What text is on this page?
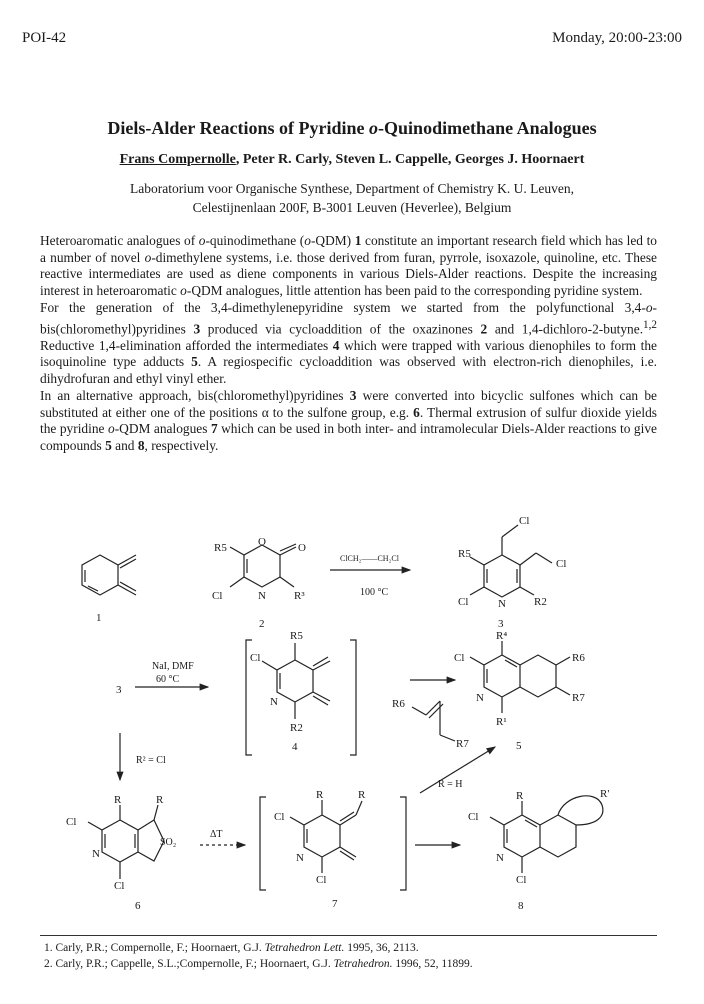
POI-42	Monday, 20:00-23:00
Diels-Alder Reactions of Pyridine o-Quinodimethane Analogues
Frans Compernolle, Peter R. Carly, Steven L. Cappelle, Georges J. Hoornaert
Laboratorium voor Organische Synthese, Department of Chemistry K. U. Leuven,
Celestijnenlaan 200F, B-3001 Leuven (Heverlee), Belgium

Heteroaromatic analogues of o-quinodimethane (o-QDM) 1 constitute an important research field which has led to a number of novel o-dimethylene systems, i.e. those derived from furan, pyrrole, isoxazole, quinoline, etc. These reactive intermediates are used as diene components in various Diels-Alder reactions. Despite the increasing interest in heteroaromatic o-QDM analogues, little attention has been paid to the corresponding pyridine system.

For the generation of the 3,4-dimethylenepyridine system we started from the polyfunctional 3,4-o-bis(chloromethyl)pyridines 3 produced via cycloaddition of the oxazinones 2 and 1,4-dichloro-2-butyne.$^{1,2}$ Reductive 1,4-elimination afforded the intermediates 4 which were trapped with various dienophiles to form the isoquinoline type adducts 5. A regiospecific cycloaddition was observed with electron-rich dienophiles, i.e. dihydrofuran and ethyl vinyl ether.

In an alternative approach, bis(chloromethyl)pyridines 3 were converted into bicyclic sulfones which can be substituted at either one of the positions α to the sulfone group, e.g. 6. Thermal extrusion of sulfur dioxide yields the pyridine o-QDM analogues 7 which can be used in both inter- and intramolecular Diels-Alder reactions to give compounds 5 and 8, respectively.

1
O	O
R5
Cl	N	R³
2
ClCH₂——CH₂Cl
100 °C
Cl
Cl
R5
Cl	N	R2
3
3
NaI, DMF
60 °C
R5
Cl
N
R2
4
R6
R7
R⁴
Cl
N
R¹
R6
R7
5
R² = Cl
R	R
Cl
SO₂
N
Cl
6
ΔT
R	R
Cl
N
Cl
7
R = H
R	R'
Cl
N
Cl
8
1. Carly, P.R.; Compernolle, F.; Hoornaert, G.J. Tetrahedron Lett. 1995, 36, 2113.
2. Carly, P.R.; Cappelle, S.L.;Compernolle, F.; Hoornaert, G.J. Tetrahedron. 1996, 52, 11899.
